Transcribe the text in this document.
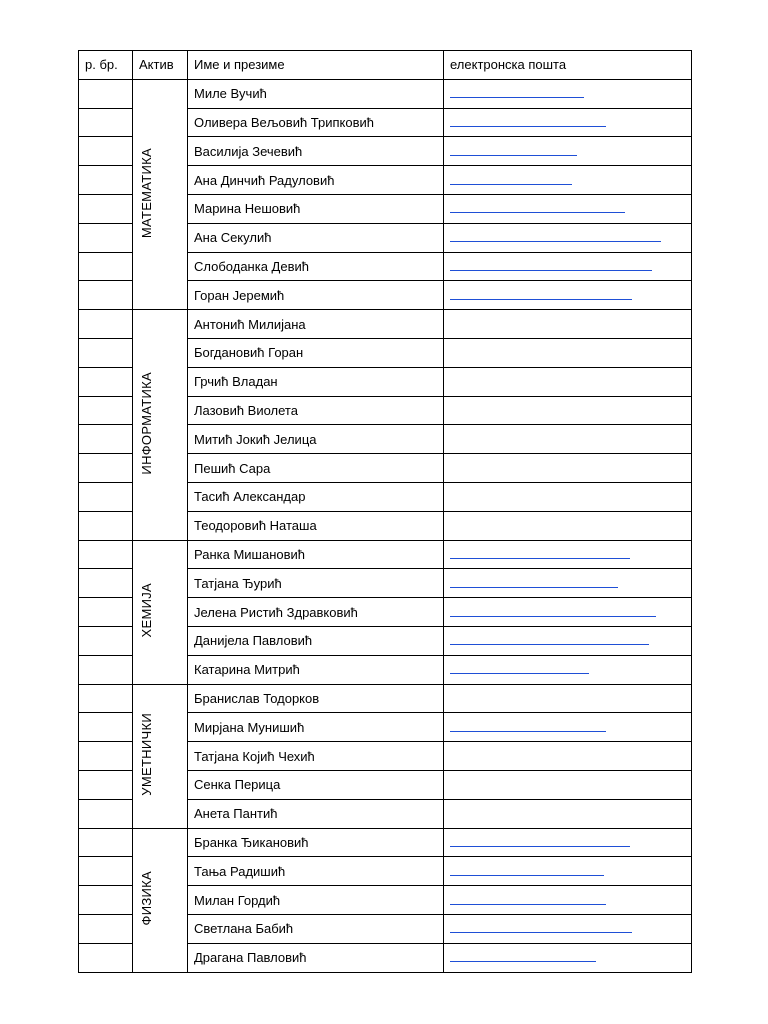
р. бр.	Актив	Име и презиме	електронска пошта
	МАТЕМАТИКА	Миле Вучић	

		Оливера Вељовић Трипковић	

		Василија Зечевић	

		Ана Динчић Радуловић	

		Марина Нешовић	

		Ана Секулић	

		Слободанка Девић	

		Горан Јеремић	

	ИНФОРМАТИКА	Антонић Милијана	
		Богдановић Горан	
		Грчић Владан	
		Лазовић Виолета	
		Митић Јокић Јелица	
		Пешић Сара	
		Тасић Александар	
		Теодоровић Наташа	
	ХЕМИЈА	Ранка Мишановић	

		Татјана Ђурић	

		Јелена Ристић Здравковић	

		Данијела Павловић	

		Катарина Митрић	

	УМЕТНИЧКИ	Бранислав Тодорков	
		Мирјана Мунишић	

		Татјана Којић Чехић	
		Сенка Перица	
		Анета Пантић	
	ФИЗИКА	Бранка Ђикановић	

		Тања Радишић	

		Милан Гордић	

		Светлана Бабић	

		Драгана Павловић	
